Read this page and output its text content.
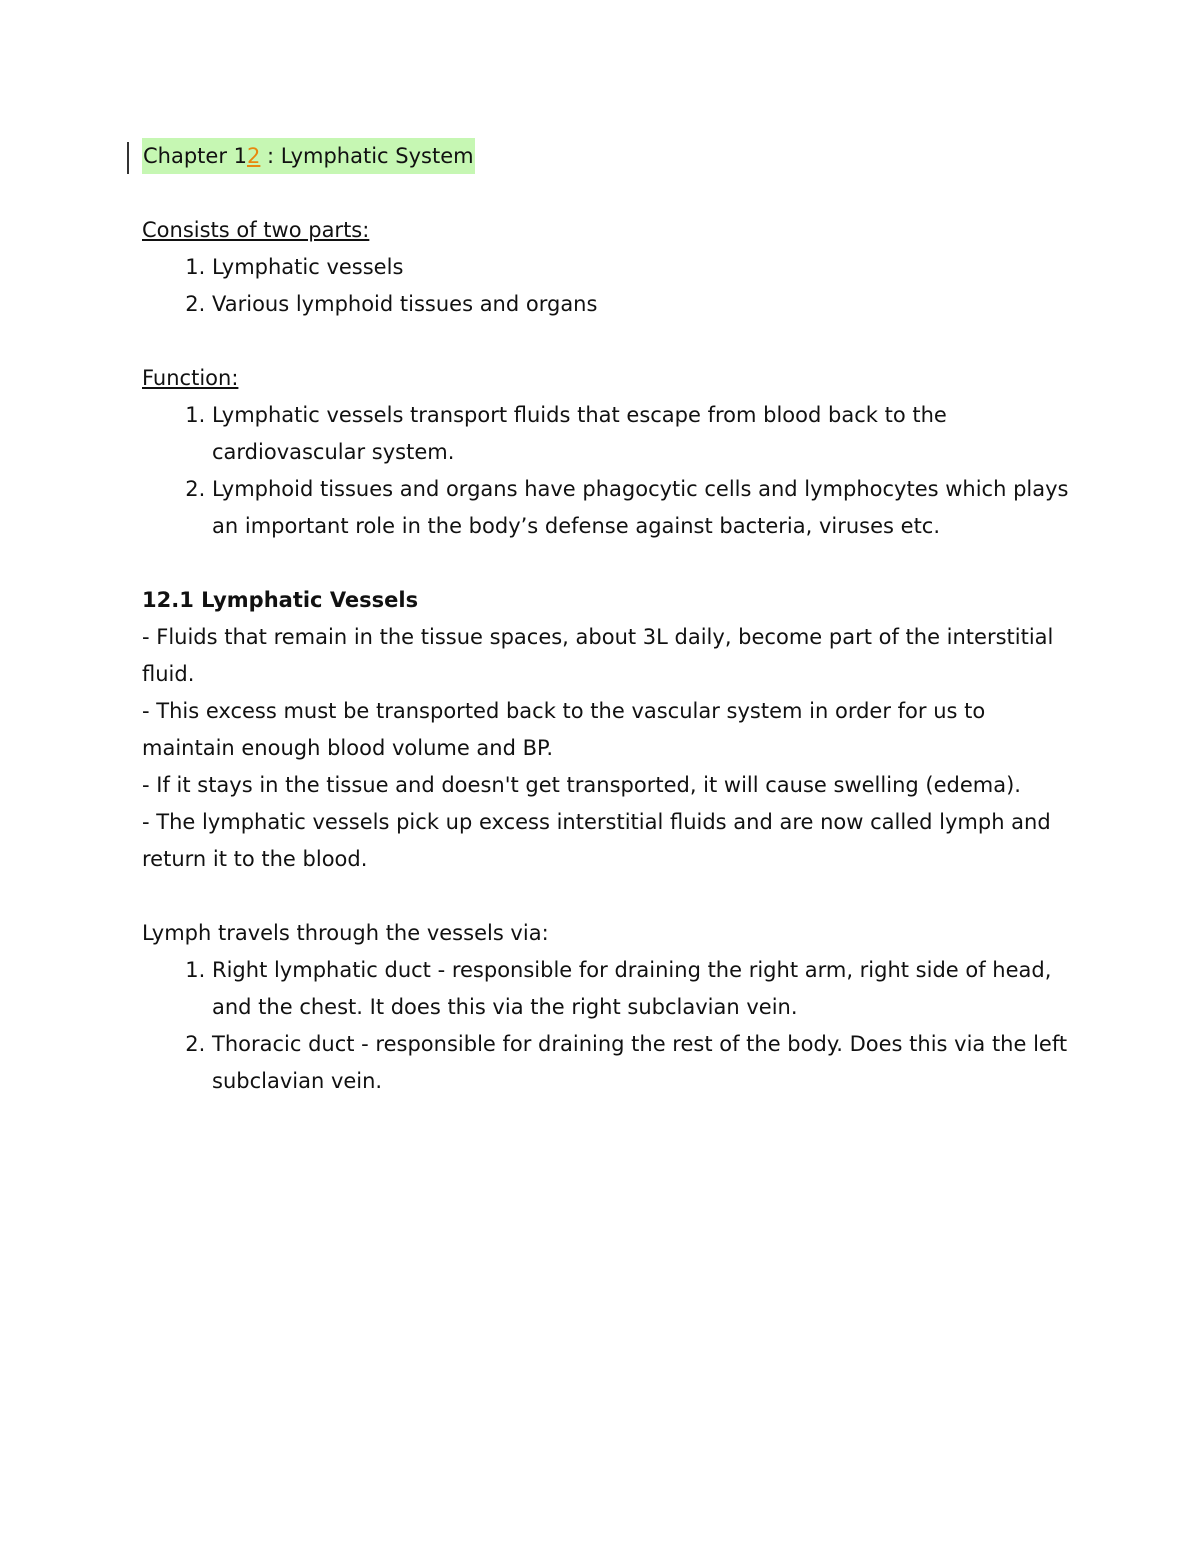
Chapter 12 : Lymphatic System

Consists of two parts:

1. Lymphatic vessels
2. Various lymphoid tissues and organs

Function:

1. Lymphatic vessels transport fluids that escape from blood back to the cardiovascular system.
2. Lymphoid tissues and organs have phagocytic cells and lymphocytes which plays an important role in the body’s defense against bacteria, viruses etc.

12.1 Lymphatic Vessels

- Fluids that remain in the tissue spaces, about 3L daily, become part of the interstitial fluid.

- This excess must be transported back to the vascular system in order for us to maintain enough blood volume and BP.

- If it stays in the tissue and doesn't get transported, it will cause swelling (edema).

- The lymphatic vessels pick up excess interstitial fluids and are now called lymph and return it to the blood.

Lymph travels through the vessels via:

1. Right lymphatic duct - responsible for draining the right arm, right side of head, and the chest. It does this via the right subclavian vein.
2. Thoracic duct - responsible for draining the rest of the body. Does this via the left subclavian vein.
